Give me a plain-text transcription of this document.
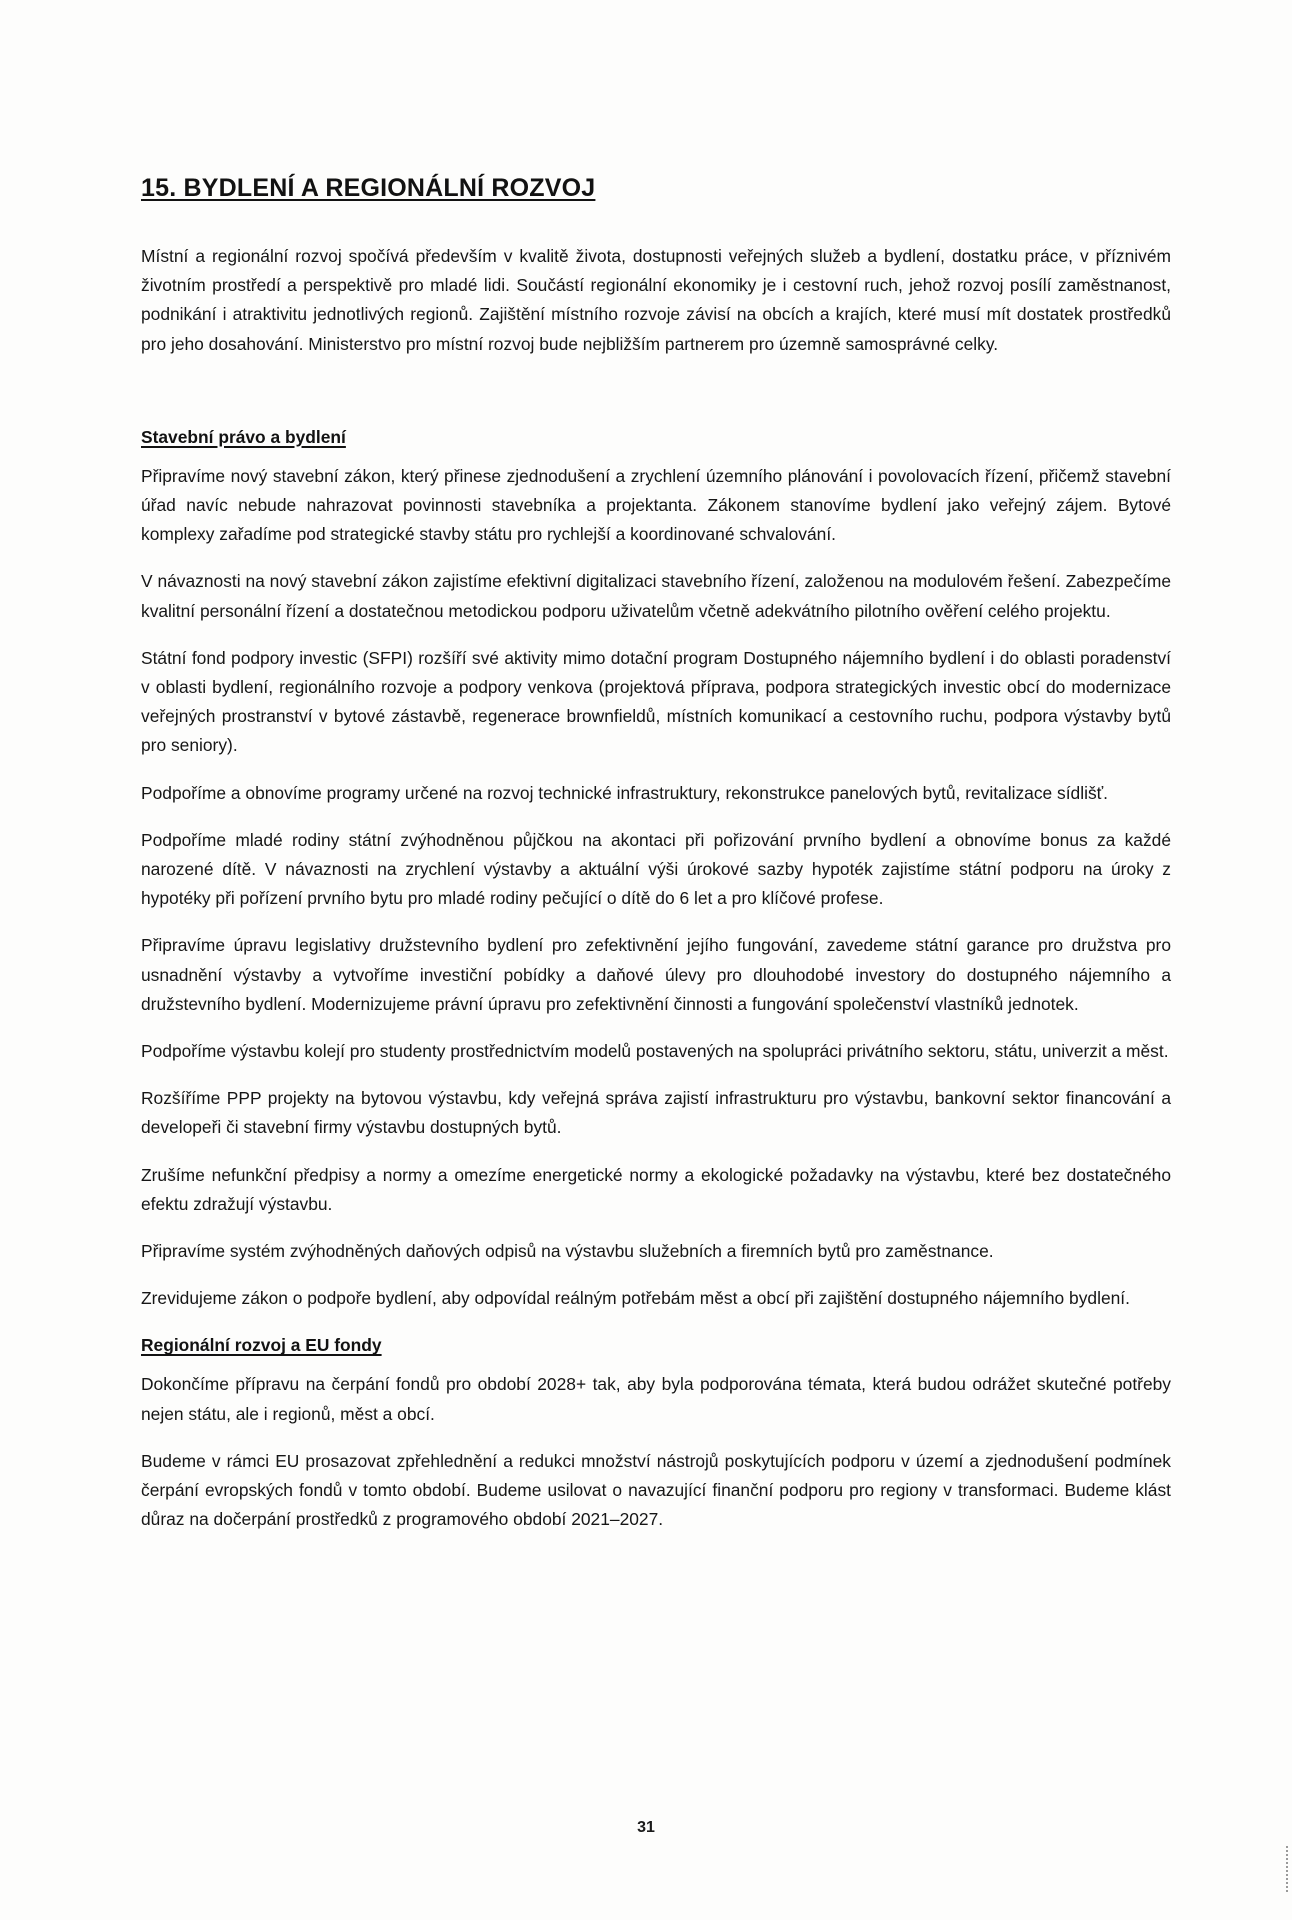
15. BYDLENÍ A REGIONÁLNÍ ROZVOJ

Místní a regionální rozvoj spočívá především v kvalitě života, dostupnosti veřejných služeb a bydlení, dostatku práce, v příznivém životním prostředí a perspektivě pro mladé lidi. Součástí regionální ekonomiky je i cestovní ruch, jehož rozvoj posílí zaměstnanost, podnikání i atraktivitu jednotlivých regionů. Zajištění místního rozvoje závisí na obcích a krajích, které musí mít dostatek prostředků pro jeho dosahování. Ministerstvo pro místní rozvoj bude nejbližším partnerem pro územně samosprávné celky.

Stavební právo a bydlení

Připravíme nový stavební zákon, který přinese zjednodušení a zrychlení územního plánování i povolovacích řízení, přičemž stavební úřad navíc nebude nahrazovat povinnosti stavebníka a projektanta. Zákonem stanovíme bydlení jako veřejný zájem. Bytové komplexy zařadíme pod strategické stavby státu pro rychlejší a koordinované schvalování.

V návaznosti na nový stavební zákon zajistíme efektivní digitalizaci stavebního řízení, založenou na modulovém řešení. Zabezpečíme kvalitní personální řízení a dostatečnou metodickou podporu uživatelům včetně adekvátního pilotního ověření celého projektu.

Státní fond podpory investic (SFPI) rozšíří své aktivity mimo dotační program Dostupného nájemního bydlení i do oblasti poradenství v oblasti bydlení, regionálního rozvoje a podpory venkova (projektová příprava, podpora strategických investic obcí do modernizace veřejných prostranství v bytové zástavbě, regenerace brownfieldů, místních komunikací a cestovního ruchu, podpora výstavby bytů pro seniory).

Podpoříme a obnovíme programy určené na rozvoj technické infrastruktury, rekonstrukce panelových bytů, revitalizace sídlišť.

Podpoříme mladé rodiny státní zvýhodněnou půjčkou na akontaci při pořizování prvního bydlení a obnovíme bonus za každé narozené dítě. V návaznosti na zrychlení výstavby a aktuální výši úrokové sazby hypoték zajistíme státní podporu na úroky z hypotéky při pořízení prvního bytu pro mladé rodiny pečující o dítě do 6 let a pro klíčové profese.

Připravíme úpravu legislativy družstevního bydlení pro zefektivnění jejího fungování, zavedeme státní garance pro družstva pro usnadnění výstavby a vytvoříme investiční pobídky a daňové úlevy pro dlouhodobé investory do dostupného nájemního a družstevního bydlení. Modernizujeme právní úpravu pro zefektivnění činnosti a fungování společenství vlastníků jednotek.

Podpoříme výstavbu kolejí pro studenty prostřednictvím modelů postavených na spolupráci privátního sektoru, státu, univerzit a měst.

Rozšíříme PPP projekty na bytovou výstavbu, kdy veřejná správa zajistí infrastrukturu pro výstavbu, bankovní sektor financování a developeři či stavební firmy výstavbu dostupných bytů.

Zrušíme nefunkční předpisy a normy a omezíme energetické normy a ekologické požadavky na výstavbu, které bez dostatečného efektu zdražují výstavbu.

Připravíme systém zvýhodněných daňových odpisů na výstavbu služebních a firemních bytů pro zaměstnance.

Zrevidujeme zákon o podpoře bydlení, aby odpovídal reálným potřebám měst a obcí při zajištění dostupného nájemního bydlení.

Regionální rozvoj a EU fondy

Dokončíme přípravu na čerpání fondů pro období 2028+ tak, aby byla podporována témata, která budou odrážet skutečné potřeby nejen státu, ale i regionů, měst a obcí.

Budeme v rámci EU prosazovat zpřehlednění a redukci množství nástrojů poskytujících podporu v území a zjednodušení podmínek čerpání evropských fondů v tomto období. Budeme usilovat o navazující finanční podporu pro regiony v transformaci. Budeme klást důraz na dočerpání prostředků z programového období 2021–2027.

31
